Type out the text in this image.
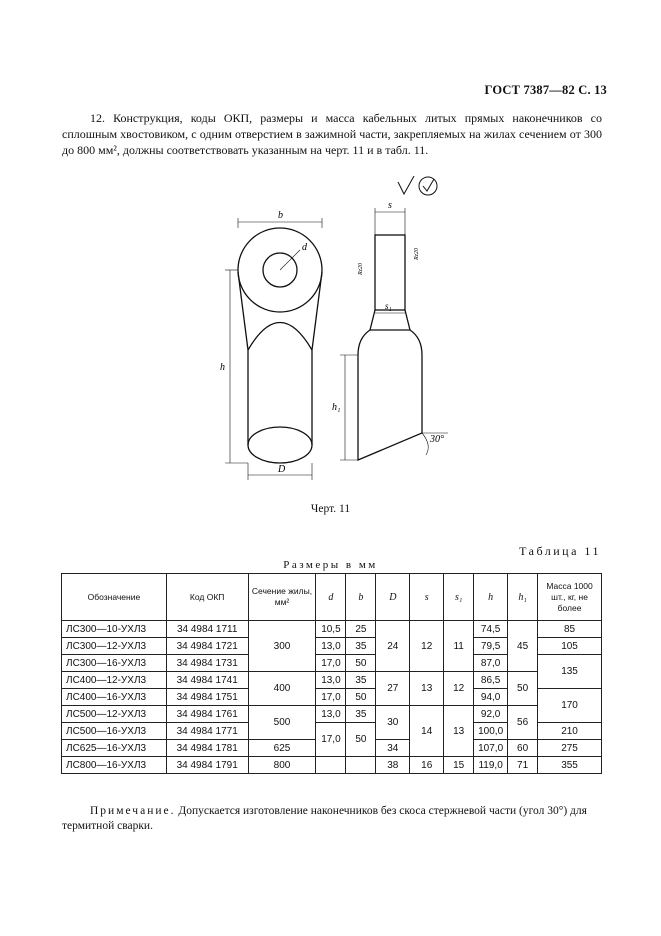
ГОСТ 7387—82 С. 13
12. Конструкция, коды ОКП, размеры и масса кабельных литых прямых наконечников со сплошным хвостовиком, с одним отверстием в зажимной части, закрепляемых на жилах сечением от 300 до 800 мм², должны соответствовать указанным на черт. 11 и в табл. 11.
b
d
h
D
s
s₁
h₁
30°
Rz20
Rz20
Черт. 11
Таблица 11
Размеры в мм
Обозначение	Код ОКП	Сечение жилы, мм²	d	b	D	s	s₁	h	h₁	Масса 1000 шт., кг, не более
ЛС300—10-УХЛ3	34 4984 1711	300	10,5	25	24	12	11	74,5	45	85
ЛС300—12-УХЛ3	34 4984 1721		13,0	35				79,5		105
ЛС300—16-УХЛ3	34 4984 1731		17,0	50				87,0		135
ЛС400—12-УХЛ3	34 4984 1741	400	13,0	35	27	13	12	86,5	50	
ЛС400—16-УХЛ3	34 4984 1751		17,0	50				94,0		170
ЛС500—12-УХЛ3	34 4984 1761	500	13,0	35	30	14	13	92,0	56	
ЛС500—16-УХЛ3	34 4984 1771		17,0	50				100,0		210
ЛС625—16-УХЛ3	34 4984 1781	625			34			107,0	60	275
ЛС800—16-УХЛ3	34 4984 1791	800			38	16	15	119,0	71	355
Примечание. Допускается изготовление наконечников без скоса стержневой части (угол 30°) для термитной сварки.
